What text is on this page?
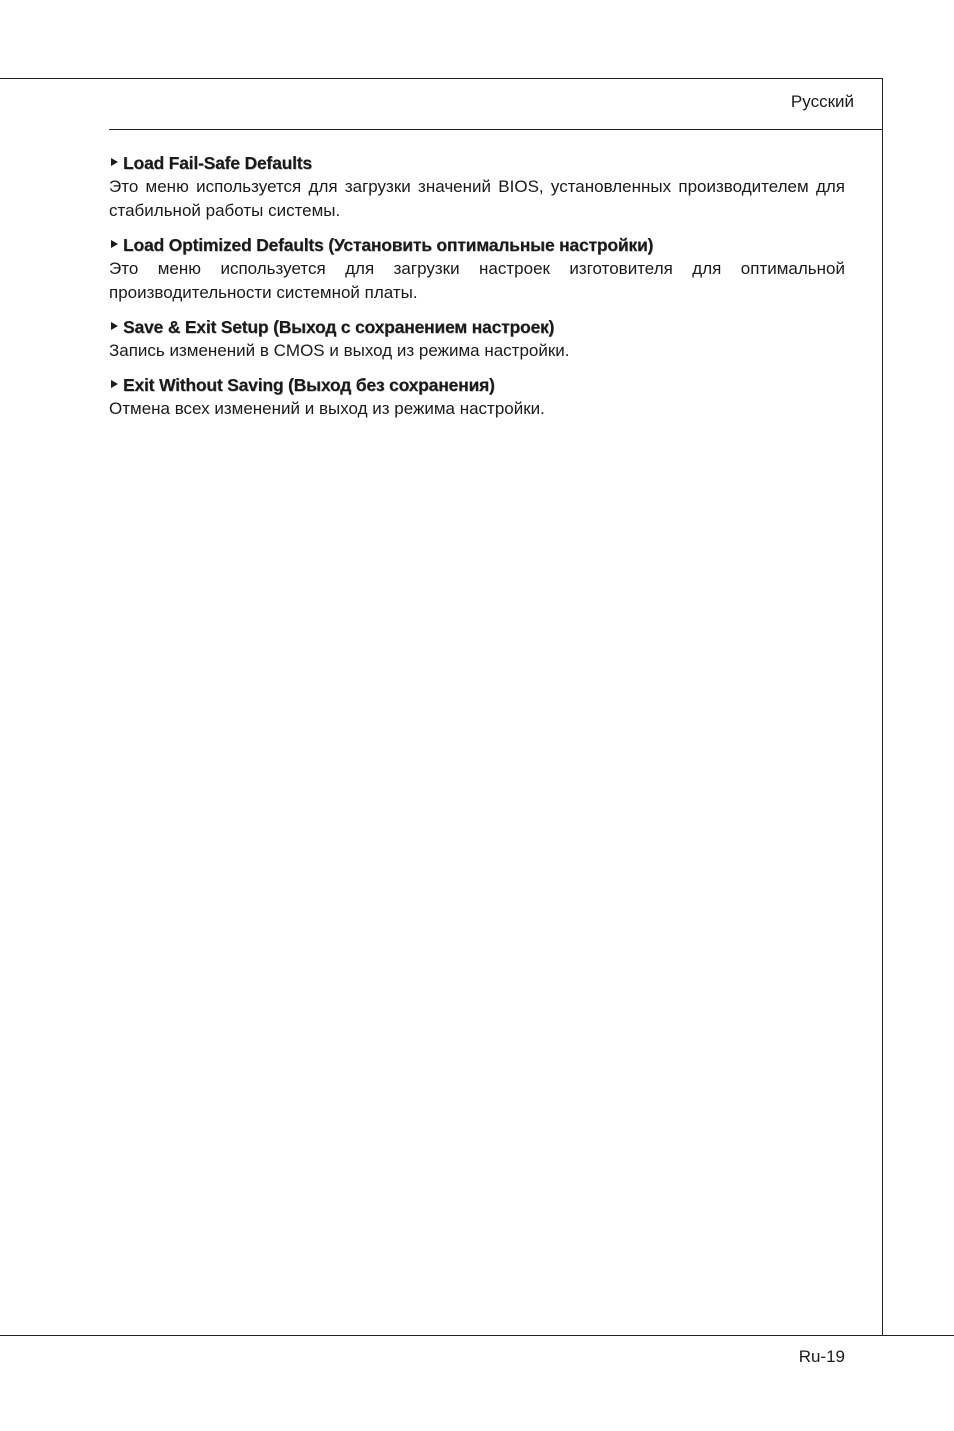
Русский
Load Fail-Safe Defaults

Это меню используется для загрузки значений BIOS, установленных производителем для стабильной работы системы.

Load Optimized Defaults (Установить оптимальные настройки)

Это меню используется для загрузки настроек изготовителя для оптимальной производительности системной платы.

Save & Exit Setup (Выход с сохранением настроек)

Запись изменений в CMOS и выход из режима настройки.

Exit Without Saving (Выход без сохранения)

Отмена всех изменений и выход из режима настройки.

Ru-19
